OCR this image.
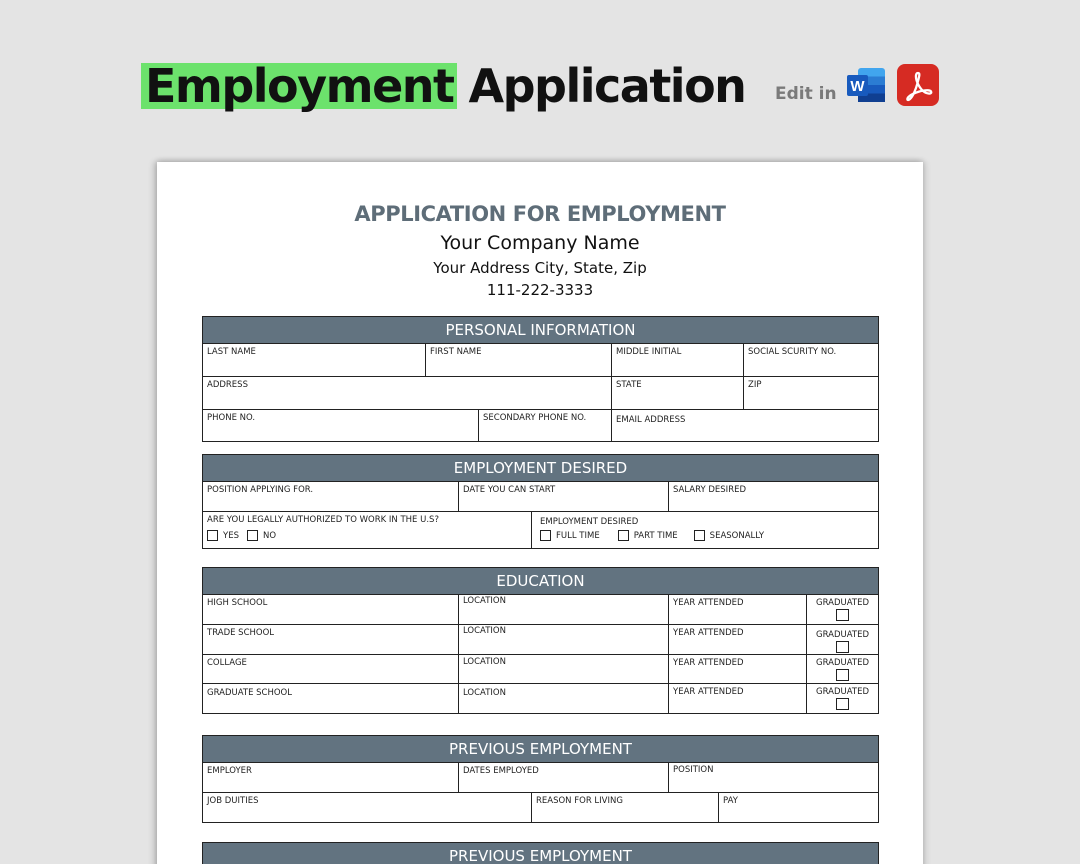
Employment Application Edit in W
APPLICATION FOR EMPLOYMENT
Your Company Name
Your Address City, State, Zip
111-222-3333
PERSONAL INFORMATION
LAST NAME	FIRST NAME	MIDDLE INITIAL	SOCIAL SCURITY NO.
ADDRESS	STATE	ZIP
PHONE NO.	SECONDARY PHONE NO.	EMAIL ADDRESS
EMPLOYMENT DESIRED
POSITION APPLYING FOR.	DATE YOU CAN START	SALARY DESIRED
ARE YOU LEGALLY AUTHORIZED TO WORK IN THE U.S?
YES	NO
EMPLOYMENT DESIRED
FULL TIME	PART TIME	SEASONALLY
EDUCATION
HIGH SCHOOL	LOCATION	YEAR ATTENDED	GRADUATED
TRADE SCHOOL	LOCATION	YEAR ATTENDED	GRADUATED
COLLAGE	LOCATION	YEAR ATTENDED	GRADUATED
GRADUATE SCHOOL	LOCATION	YEAR ATTENDED	GRADUATED
PREVIOUS EMPLOYMENT
EMPLOYER	DATES EMPLOYED	POSITION
JOB DUITIES	REASON FOR LIVING	PAY
PREVIOUS EMPLOYMENT
